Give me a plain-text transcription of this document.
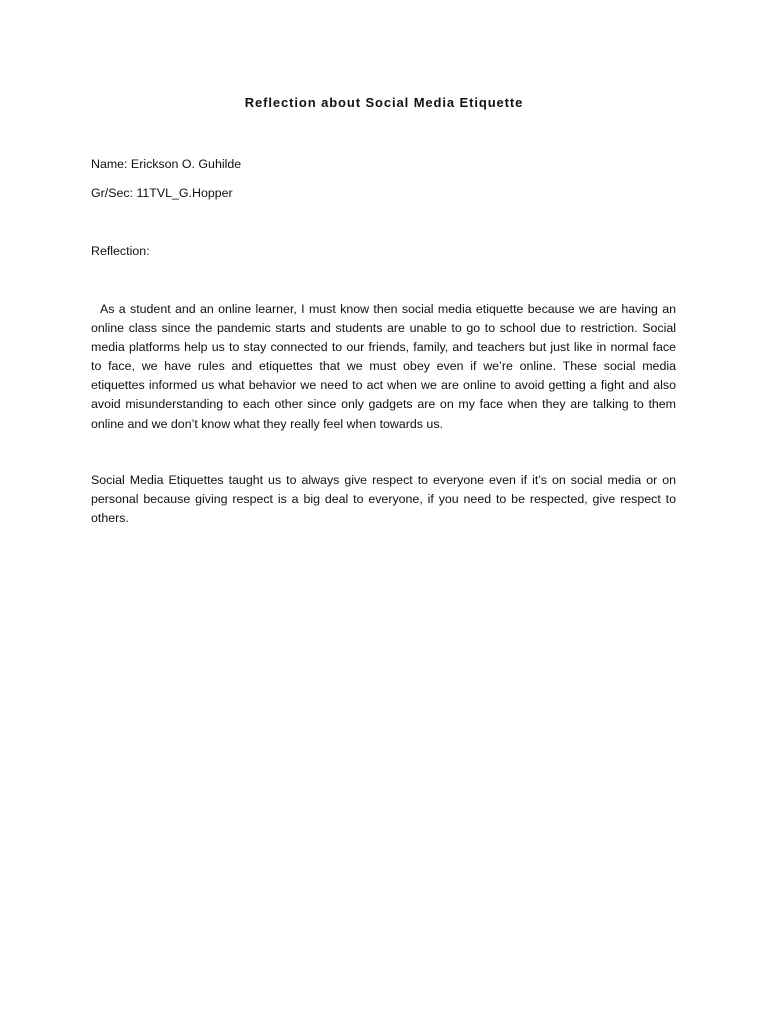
Reflection about Social Media Etiquette

Name: Erickson O. Guhilde

Gr/Sec: 11TVL_G.Hopper

Reflection:

As a student and an online learner, I must know then social media etiquette because we are having an online class since the pandemic starts and students are unable to go to school due to restriction. Social media platforms help us to stay connected to our friends, family, and teachers but just like in normal face to face, we have rules and etiquettes that we must obey even if we’re online. These social media etiquettes informed us what behavior we need to act when we are online to avoid getting a fight and also avoid misunderstanding to each other since only gadgets are on my face when they are talking to them online and we don’t know what they really feel when towards us.

Social Media Etiquettes taught us to always give respect to everyone even if it’s on social media or on personal because giving respect is a big deal to everyone, if you need to be respected, give respect to others.
